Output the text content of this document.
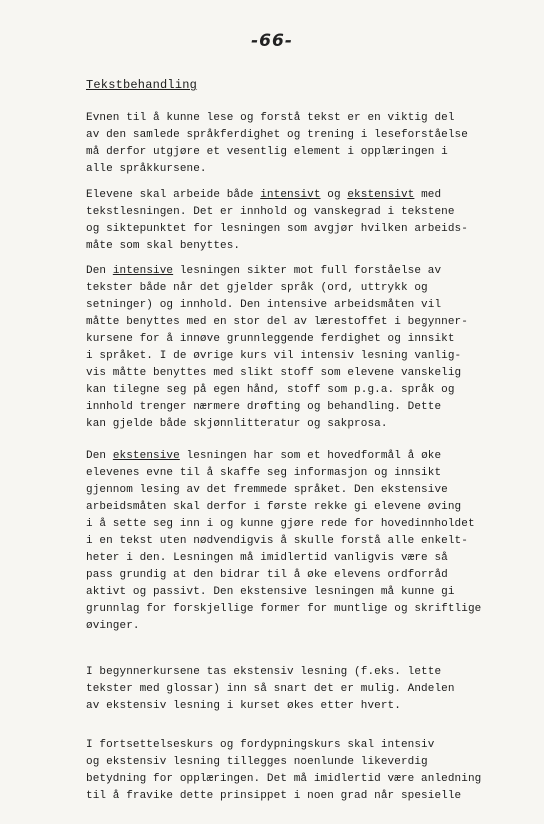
-66-
Tekstbehandling
Evnen til å kunne lese og forstå tekst er en viktig del
av den samlede språkferdighet og trening i leseforståelse
må derfor utgjøre et vesentlig element i opplæringen i
alle språkkursene.
Elevene skal arbeide både intensivt og ekstensivt med
tekstlesningen. Det er innhold og vanskegrad i tekstene
og siktepunktet for lesningen som avgjør hvilken arbeids-
måte som skal benyttes.
Den intensive lesningen sikter mot full forståelse av
tekster både når det gjelder språk (ord, uttrykk og
setninger) og innhold. Den intensive arbeidsmåten vil
måtte benyttes med en stor del av lærestoffet i begynner-
kursene for å innøve grunnleggende ferdighet og innsikt
i språket. I de øvrige kurs vil intensiv lesning vanlig-
vis måtte benyttes med slikt stoff som elevene vanskelig
kan tilegne seg på egen hånd, stoff som p.g.a. språk og
innhold trenger nærmere drøfting og behandling. Dette
kan gjelde både skjønnlitteratur og sakprosa.
Den ekstensive lesningen har som et hovedformål å øke
elevenes evne til å skaffe seg informasjon og innsikt
gjennom lesing av det fremmede språket. Den ekstensive
arbeidsmåten skal derfor i første rekke gi elevene øving
i å sette seg inn i og kunne gjøre rede for hovedinnholdet
i en tekst uten nødvendigvis å skulle forstå alle enkelt-
heter i den. Lesningen må imidlertid vanligvis være så
pass grundig at den bidrar til å øke elevens ordforråd
aktivt og passivt. Den ekstensive lesningen må kunne gi
grunnlag for forskjellige former for muntlige og skriftlige
øvinger.
I begynnerkursene tas ekstensiv lesning (f.eks. lette
tekster med glossar) inn så snart det er mulig. Andelen
av ekstensiv lesning i kurset økes etter hvert.
I fortsettelseskurs og fordypningskurs skal intensiv
og ekstensiv lesning tillegges noenlunde likeverdig
betydning for opplæringen. Det må imidlertid være anledning
til å fravike dette prinsippet i noen grad når spesielle
